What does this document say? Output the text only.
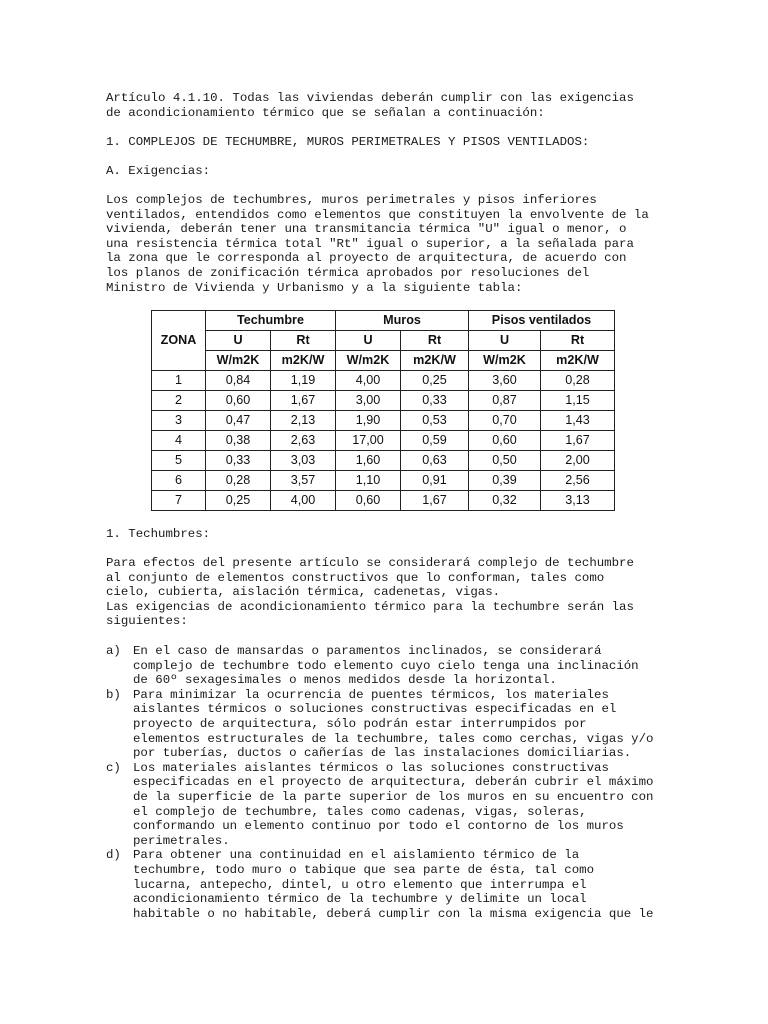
Artículo 4.1.10. Todas las viviendas deberán cumplir con las exigencias
de acondicionamiento térmico que se señalan a continuación:
1. COMPLEJOS DE TECHUMBRE, MUROS PERIMETRALES Y PISOS VENTILADOS:
A. Exigencias:
Los complejos de techumbres, muros perimetrales y pisos inferiores
ventilados, entendidos como elementos que constituyen la envolvente de la
vivienda, deberán tener una transmitancia térmica "U" igual o menor, o
una resistencia térmica total "Rt" igual o superior, a la señalada para
la zona que le corresponda al proyecto de arquitectura, de acuerdo con
los planos de zonificación térmica aprobados por resoluciones del
Ministro de Vivienda y Urbanismo y a la siguiente tabla:
ZONA	Techumbre		Muros		Pisos ventilados	
	U	Rt	U	Rt	U	Rt
	W/m2K	m2K/W	W/m2K	m2K/W	W/m2K	m2K/W
1	0,84	1,19	4,00	0,25	3,60	0,28
2	0,60	1,67	3,00	0,33	0,87	1,15
3	0,47	2,13	1,90	0,53	0,70	1,43
4	0,38	2,63	17,00	0,59	0,60	1,67
5	0,33	3,03	1,60	0,63	0,50	2,00
6	0,28	3,57	1,10	0,91	0,39	2,56
7	0,25	4,00	0,60	1,67	0,32	3,13
1. Techumbres:
Para efectos del presente artículo se considerará complejo de techumbre
al conjunto de elementos constructivos que lo conforman, tales como
cielo, cubierta, aislación térmica, cadenetas, vigas.
Las exigencias de acondicionamiento térmico para la techumbre serán las
siguientes:
a) En el caso de mansardas o paramentos inclinados, se considerará
complejo de techumbre todo elemento cuyo cielo tenga una inclinación
de 60º sexagesimales o menos medidos desde la horizontal.
b) Para minimizar la ocurrencia de puentes térmicos, los materiales
aislantes térmicos o soluciones constructivas especificadas en el
proyecto de arquitectura, sólo podrán estar interrumpidos por
elementos estructurales de la techumbre, tales como cerchas, vigas y/o
por tuberías, ductos o cañerías de las instalaciones domiciliarias.
c) Los materiales aislantes térmicos o las soluciones constructivas
especificadas en el proyecto de arquitectura, deberán cubrir el máximo
de la superficie de la parte superior de los muros en su encuentro con
el complejo de techumbre, tales como cadenas, vigas, soleras,
conformando un elemento continuo por todo el contorno de los muros
perimetrales.
d) Para obtener una continuidad en el aislamiento térmico de la
techumbre, todo muro o tabique que sea parte de ésta, tal como
lucarna, antepecho, dintel, u otro elemento que interrumpa el
acondicionamiento térmico de la techumbre y delimite un local
habitable o no habitable, deberá cumplir con la misma exigencia que le
